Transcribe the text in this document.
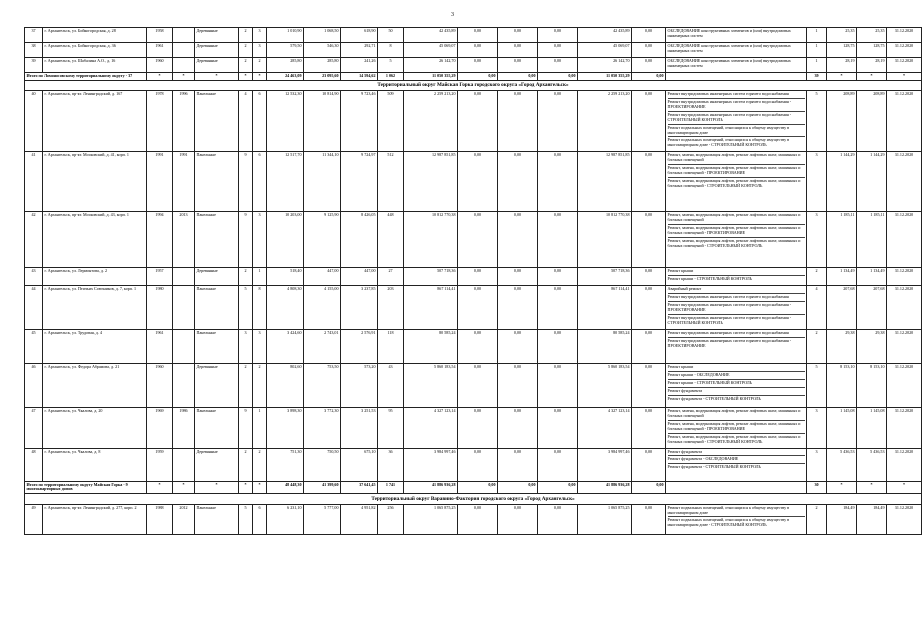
3
37	г. Архангельск, ул. Бойкогородская, д. 28	1958		Деревянные	2	3	1 010,90	1 068,50	618,90	50	42 435,89	0,00	0,00	0,00	42 435,89	0,00	ОБСЛЕДОВАНИЕ конструктивных элементов и (или) внутридомовых инженерных систем	1	25,35	25,35	31.12.2020
38	г. Архангельск, ул. Бойкогородская, д. 36	1961		Деревянные	2	3	579,50	546,30	292,71	8	45 069,07	0,00	0,00	0,00	45 069,07	0,00	ОБСЛЕДОВАНИЕ конструктивных элементов и (или) внутридомовых инженерных систем	1	128,75	128,75	31.12.2020
39	г. Архангельск, ул. Шабалина А.О., д. 16	1960		Деревянные	2	2	285,80	285,80	241,26	5	26 142,70	0,00	0,00	0,00	26 142,70	0,00	ОБСЛЕДОВАНИЕ конструктивных элементов и (или) внутридомовых инженерных систем	1	28,19	28,19	31.12.2020
Итого по Ломоносовскому территориальному округу - 37		*	*	*	*	*	24 463,09	23 095,60	14 594,62	1 062	11 050 355,29	0,00	0,00	0,00	11 050 355,29	0,00		39	*	*	*
Территориальный округ Майская Горка городского округа «Город Архангельск»																					
40	г. Архангельск, пр-кт. Ленинградский, д. 167	1978	1996	Панельные	4	6	12 532,30	10 814,90	9 723,46	509	2 259 213,20	0,00	0,00	0,00	2 259 213,20	0,00	Ремонт внутридомовых инженерных систем горячего водоснабжения
Ремонт внутридомовых инженерных систем горячего водоснабжения - ПРОЕКТИРОВАНИЕ
Ремонт внутридомовых инженерных систем горячего водоснабжения - СТРОИТЕЛЬНЫЙ КОНТРОЛЬ
Ремонт подвальных помещений, относящихся к общему имуществу в многоквартирном доме
Ремонт подвальных помещений, относящихся к общему имуществу в многоквартирном доме - СТРОИТЕЛЬНЫЙ КОНТРОЛЬ	5	208,89	208,89	31.12.2020
41	г. Архангельск, пр-кт. Московский, д. 41, корп. 1	1991	1991	Панельные	9	6	12 517,70	11 344,10	9 724,97	512	12 987 851,85	0,00	0,00	0,00	12 987 851,85	0,00	Ремонт, замена, модернизация лифтов, ремонт лифтовых шахт, машинных и блочных помещений
Ремонт, замена, модернизация лифтов, ремонт лифтовых шахт, машинных и блочных помещений - ПРОЕКТИРОВАНИЕ
Ремонт, замена, модернизация лифтов, ремонт лифтовых шахт, машинных и блочных помещений - СТРОИТЕЛЬНЫЙ КОНТРОЛЬ	3	1 144,29	1 144,29	31.12.2020
42	г. Архангельск, пр-кт. Московский, д. 43, корп. 1	1994	2013	Панельные	9	3	10 203,00	9 125,90	8 426,05	448	10 812 770,38	0,00	0,00	0,00	10 812 770,38	0,00	Ремонт, замена, модернизация лифтов, ремонт лифтовых шахт, машинных и блочных помещений
Ремонт, замена, модернизация лифтов, ремонт лифтовых шахт, машинных и блочных помещений - ПРОЕКТИРОВАНИЕ
Ремонт, замена, модернизация лифтов, ремонт лифтовых шахт, машинных и блочных помещений - СТРОИТЕЛЬНЫЙ КОНТРОЛЬ	3	1 185,11	1 185,11	31.12.2020
43	г. Архангельск, ул. Лермонтова, д. 2	1957		Деревянные	2	1	518,40	447,00	447,00	27	507 718,36	0,00	0,00	0,00	507 718,36	0,00	Ремонт крыши
Ремонт крыши - СТРОИТЕЛЬНЫЙ КОНТРОЛЬ	2	1 134,49	1 134,49	31.12.2020
44	г. Архангельск, ул. Птичьих Союзников, д. 7, корп. 1	1980		Панельные	5	8	4 808,30	4 155,00	3 237,85	203	867 114,41	0,00	0,00	0,00	867 114,41	0,00	Аварийный ремонт
Ремонт внутридомовых инженерных систем горячего водоснабжения
Ремонт внутридомовых инженерных систем горячего водоснабжения - ПРОЕКТИРОВАНИЕ
Ремонт внутридомовых инженерных систем горячего водоснабжения - СТРОИТЕЛЬНЫЙ КОНТРОЛЬ	4	207,68	207,68	31.12.2020
45	г. Архангельск, ул. Трудовая, д. 4	1961		Панельные	3	3	3 424,60	2 743,01	2 576,91	118	80 585,24	0,00	0,00	0,00	80 585,24	0,00	Ремонт внутридомовых инженерных систем горячего водоснабжения
Ремонт внутридомовых инженерных систем горячего водоснабжения - ПРОЕКТИРОВАНИЕ	2	29,38	29,38	31.12.2020
46	г. Архангельск, ул. Федора Абрамова, д. 21	1960		Деревянные	2	2	802,60	753,50	573,20	43	5 860 183,54	0,00	0,00	0,00	5 860 183,54	0,00	Ремонт крыши
Ремонт крыши - ОБСЛЕДОВАНИЕ
Ремонт крыши - СТРОИТЕЛЬНЫЙ КОНТРОЛЬ
Ремонт фундамента
Ремонт фундамента - СТРОИТЕЛЬНЫЙ КОНТРОЛЬ	5	8 153,10	8 153,10	31.12.2020
47	г. Архангельск, ул. Чкалова, д. 20	1969	1986	Панельные	9	1	3 898,30	3 772,30	3 251,53	95	4 327 123,14	0,00	0,00	0,00	4 327 123,14	0,00	Ремонт, замена, модернизация лифтов, ремонт лифтовых шахт, машинных и блочных помещений
Ремонт, замена, модернизация лифтов, ремонт лифтовых шахт, машинных и блочных помещений - ПРОЕКТИРОВАНИЕ
Ремонт, замена, модернизация лифтов, ремонт лифтовых шахт, машинных и блочных помещений - СТРОИТЕЛЬНЫЙ КОНТРОЛЬ	3	1 145,08	1 145,08	31.12.2020
48	г. Архангельск, ул. Чкалова, д. 8	1959		Деревянные	2	2	751,30	750,50	675,10	36	3 984 997,46	0,00	0,00	0,00	3 984 997,46	0,00	Ремонт фундамента
Ремонт фундамента - ОБСЛЕДОВАНИЕ
Ремонт фундамента - СТРОИТЕЛЬНЫЙ КОНТРОЛЬ	3	5 436,53	5 436,53	31.12.2020
Итого по территориальному округу Майская Горка - 9 многоквартирных домов		*	*	*	*	*	48 448,30	41 399,60	37 641,45	1 741	41 886 936,28	0,00	0,00	0,00	41 886 936,28	0,00		30	*	*	*
Территориальный округ Варавино-Фактория городского округа «Город Архангельск»																					
49	г. Архангельск, пр-кт. Ленинградский, д. 277, корп. 2	1988	2012	Панельные	5	6	6 231,10	5 777,00	4 951,82	256	1 065 875,25	0,00	0,00	0,00	1 065 875,25	0,00	Ремонт подвальных помещений, относящихся к общему имуществу в многоквартирном доме
Ремонт подвальных помещений, относящихся к общему имуществу в многоквартирном доме - СТРОИТЕЛЬНЫЙ КОНТРОЛЬ	2	184,49	184,49	31.12.2020
